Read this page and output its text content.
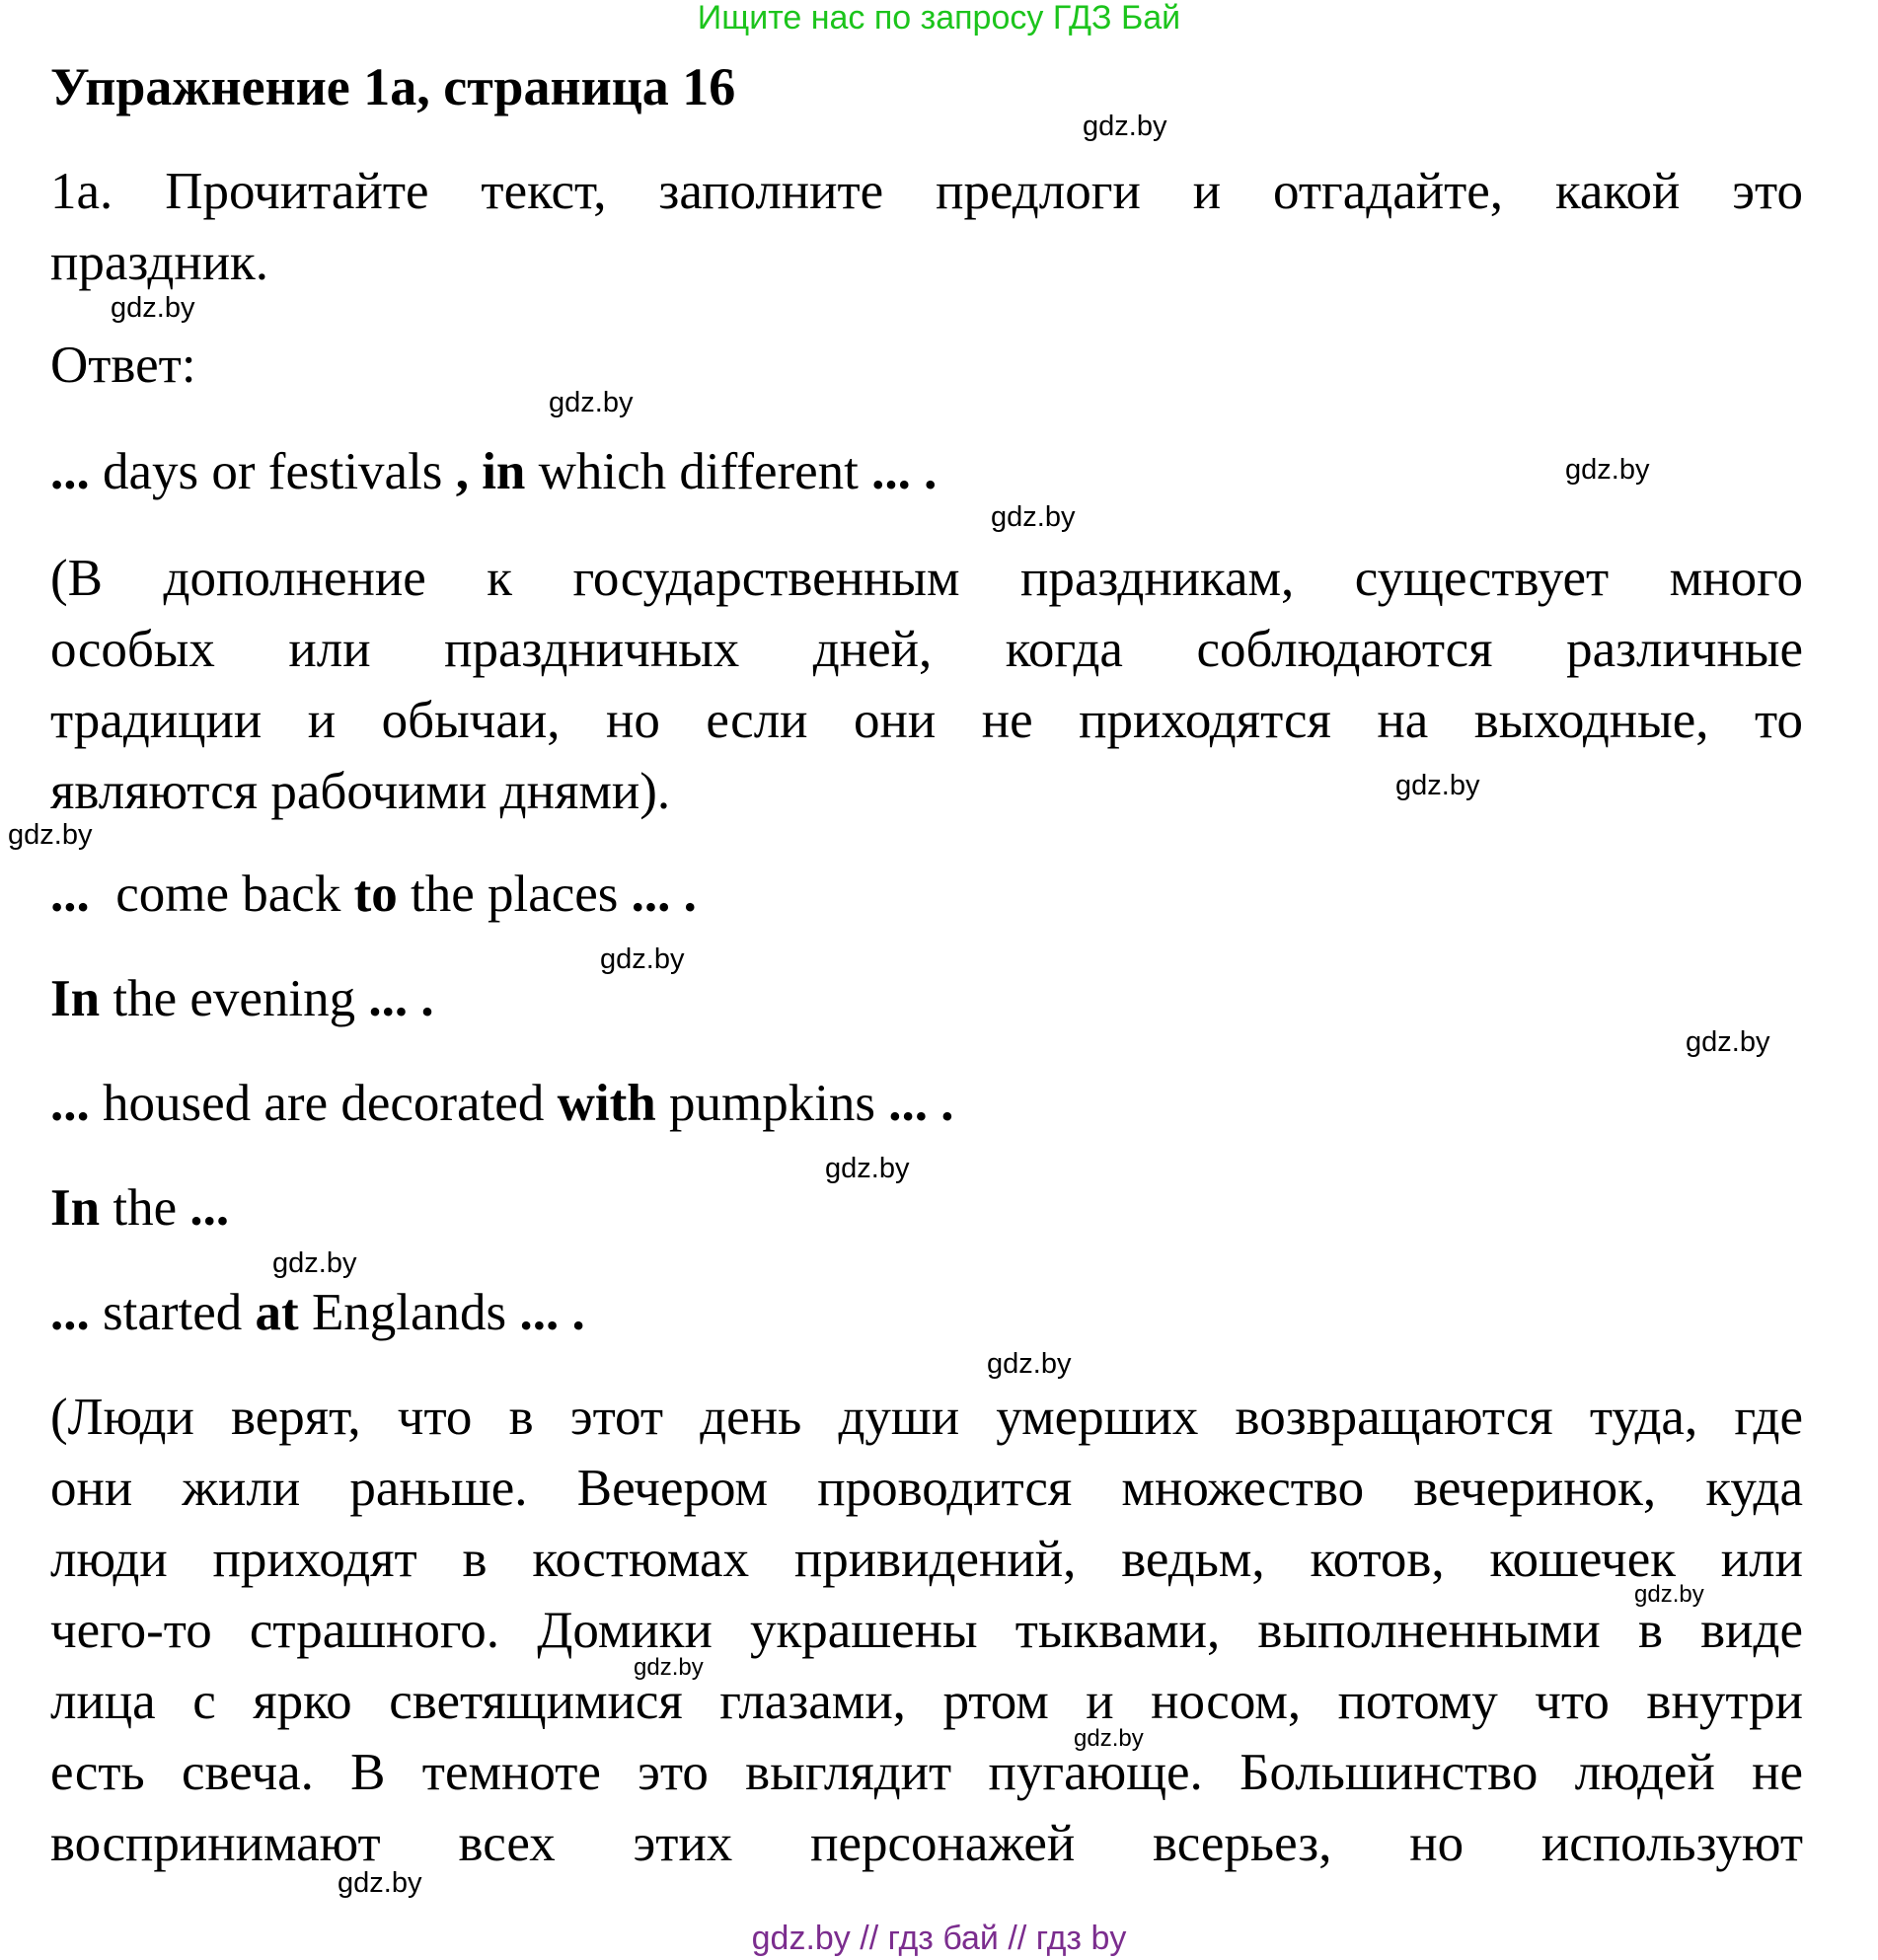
Ищите нас по запросу ГДЗ Бай
Упражнение 1а, страница 16
1а. Прочитайте текст, заполните предлоги и отгадайте, какой это
праздник.
Ответ:
... days or festivals , in which different ... .
(В дополнение к государственным праздникам, существует много
особых или праздничных дней, когда соблюдаются различные
традиции и обычаи, но если они не приходятся на выходные, то
являются рабочими днями).
...  come back to the places ... .
In the evening ... .
... housed are decorated with pumpkins ... .
In the ...
... started at Englands ... .
(Люди верят, что в этот день души умерших возвращаются туда, где
они жили раньше. Вечером проводится множество вечеринок, куда
люди приходят в костюмах привидений, ведьм, котов, кошечек или
чего-то страшного. Домики украшены тыквами, выполненными в виде
лица с ярко светящимися глазами, ртом и носом, потому что внутри
есть свеча. В темноте это выглядит пугающе. Большинство людей не
воспринимают всех этих персонажей всерьез, но используют
gdz.by
gdz.by
gdz.by
gdz.by
gdz.by
gdz.by
gdz.by
gdz.by
gdz.by
gdz.by
gdz.by
gdz.by
gdz.by
gdz.by
gdz.by
gdz.by
gdz.by // гдз бай // гдз by
